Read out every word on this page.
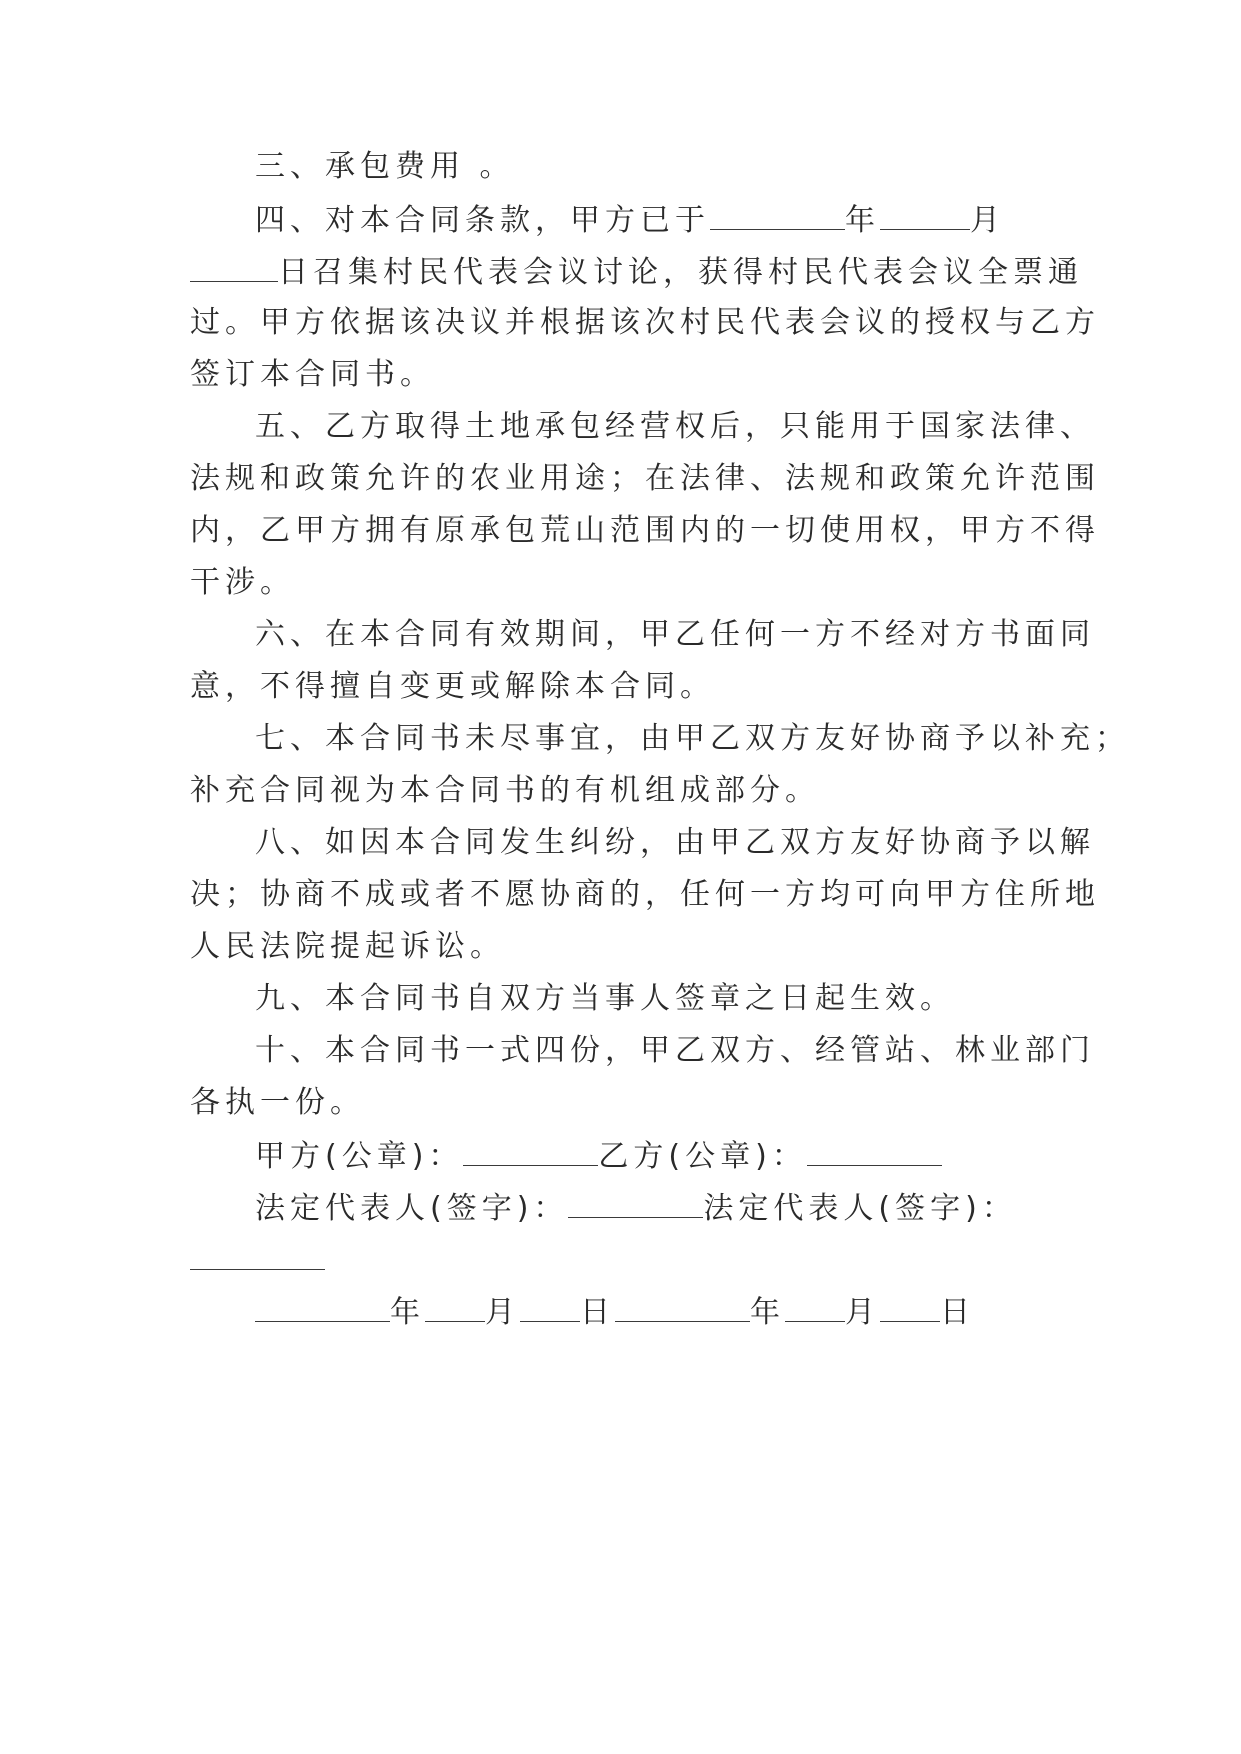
三、承包费用 。
四、对本合同条款，甲方已于	年	月
日召集村民代表会议讨论，获得村民代表会议全票通
过。甲方依据该决议并根据该次村民代表会议的授权与乙方
签订本合同书。
五、乙方取得土地承包经营权后，只能用于国家法律、
法规和政策允许的农业用途；在法律、法规和政策允许范围
内，乙甲方拥有原承包荒山范围内的一切使用权，甲方不得
干涉。
六、在本合同有效期间，甲乙任何一方不经对方书面同
意，不得擅自变更或解除本合同。
七、本合同书未尽事宜，由甲乙双方友好协商予以补充；
补充合同视为本合同书的有机组成部分。
八、如因本合同发生纠纷，由甲乙双方友好协商予以解
决；协商不成或者不愿协商的，任何一方均可向甲方住所地
人民法院提起诉讼。
九、本合同书自双方当事人签章之日起生效。
十、本合同书一式四份，甲乙双方、经管站、林业部门
各执一份。
甲方(公章)：	乙方(公章)：
法定代表人(签字)：	法定代表人(签字)：
年 月 日	年 月 日
